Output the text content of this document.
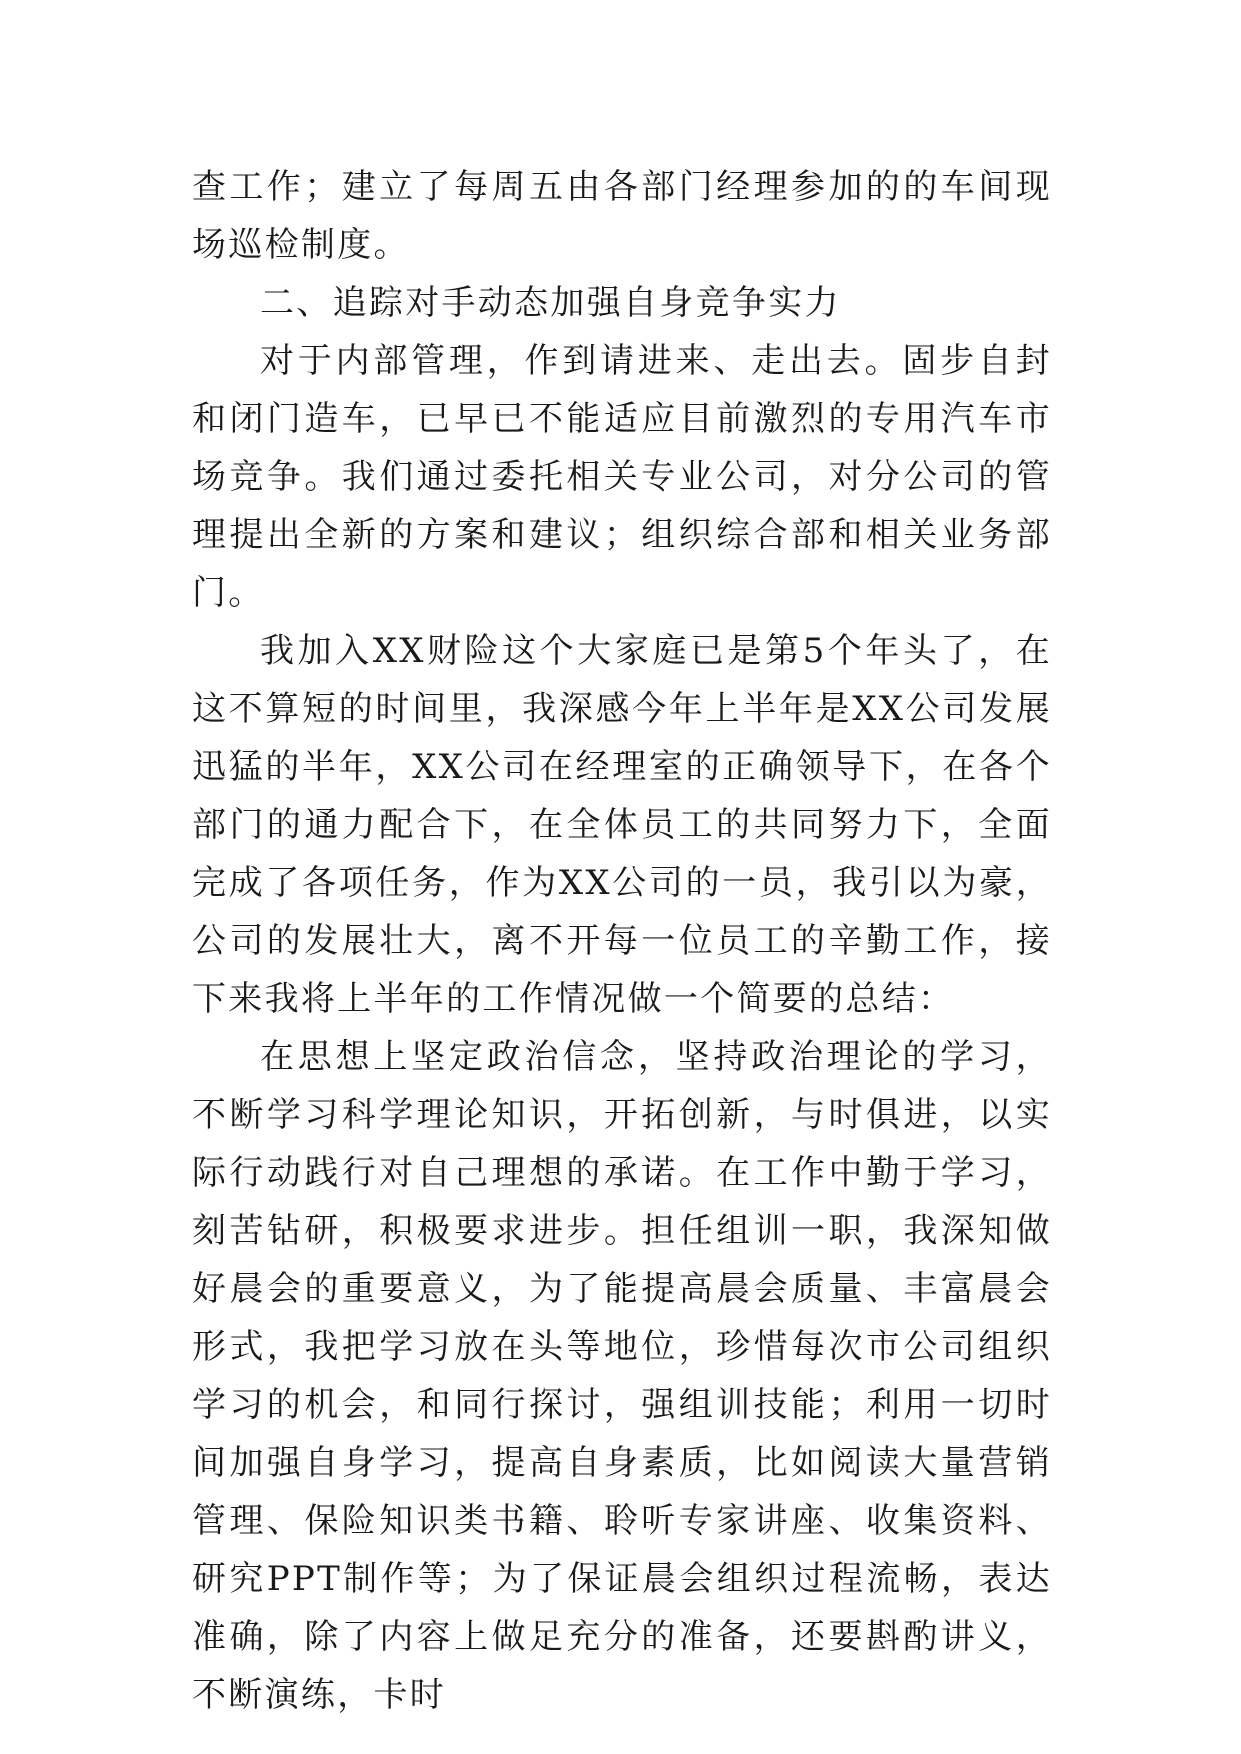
查工作；建立了每周五由各部门经理参加的的车间现场巡检制度。

二、追踪对手动态加强自身竞争实力

对于内部管理，作到请进来、走出去。固步自封和闭门造车，已早已不能适应目前激烈的专用汽车市场竞争。我们通过委托相关专业公司，对分公司的管理提出全新的方案和建议；组织综合部和相关业务部门。

我加入XX财险这个大家庭已是第5个年头了，在这不算短的时间里，我深感今年上半年是XX公司发展迅猛的半年，XX公司在经理室的正确领导下，在各个部门的通力配合下，在全体员工的共同努力下，全面完成了各项任务，作为XX公司的一员，我引以为豪，公司的发展壮大，离不开每一位员工的辛勤工作，接下来我将上半年的工作情况做一个简要的总结：

在思想上坚定政治信念，坚持政治理论的学习，不断学习科学理论知识，开拓创新，与时俱进，以实际行动践行对自己理想的承诺。在工作中勤于学习，刻苦钻研，积极要求进步。担任组训一职，我深知做好晨会的重要意义，为了能提高晨会质量、丰富晨会形式，我把学习放在头等地位，珍惜每次市公司组织学习的机会，和同行探讨，强组训技能；利用一切时间加强自身学习，提高自身素质，比如阅读大量营销管理、保险知识类书籍、聆听专家讲座、收集资料、研究PPT制作等；为了保证晨会组织过程流畅，表达准确，除了内容上做足充分的准备，还要斟酌讲义，不断演练，卡时
